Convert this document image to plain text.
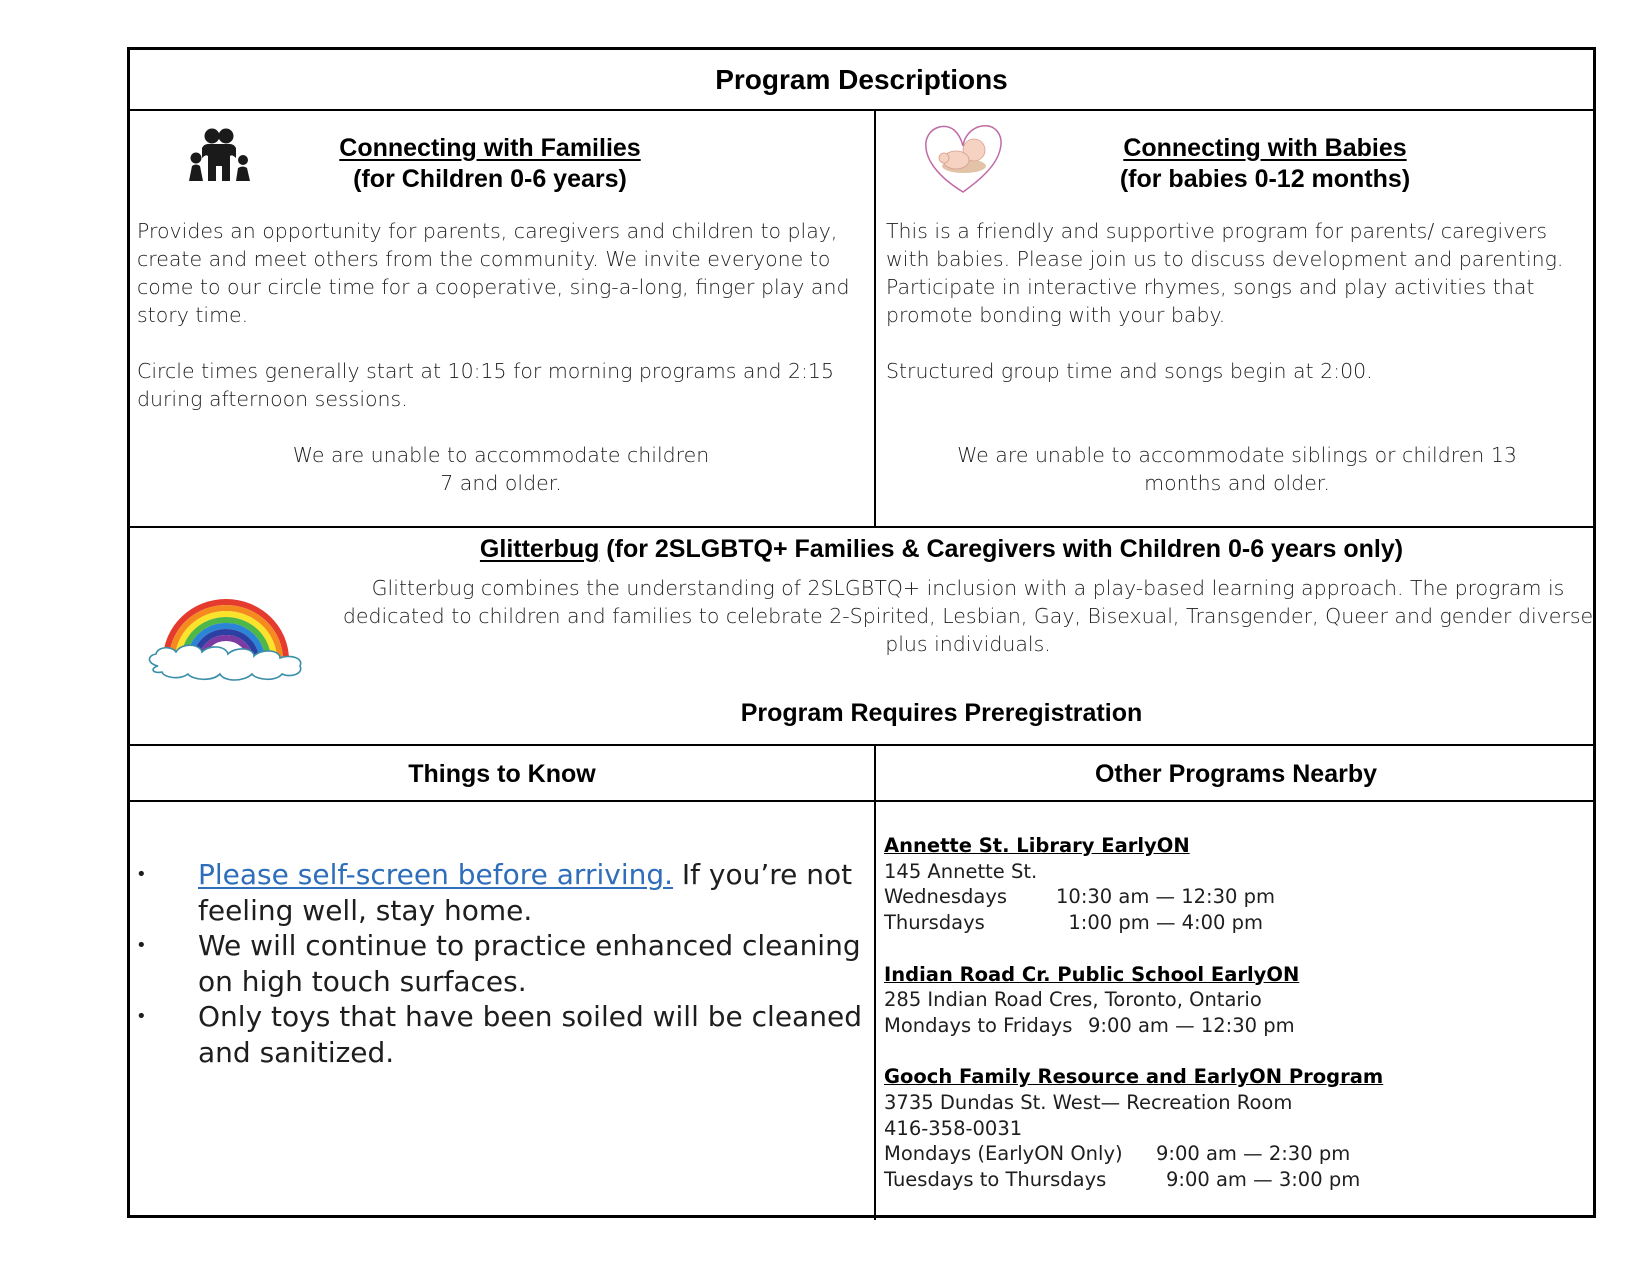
Program Descriptions
Connecting with Families
(for Children 0-6 years)
Provides an opportunity for parents, caregivers and children to play, create and meet others from the community. We invite everyone to come to our circle time for a cooperative, sing-a-long, finger play and story time.
Circle times generally start at 10:15 for morning programs and 2:15 during afternoon sessions.
We are unable to accommodate children
7 and older.
Connecting with Babies
(for babies 0-12 months)
This is a friendly and supportive program for parents/ caregivers with babies. Please join us to discuss development and parenting. Participate in interactive rhymes, songs and play activities that promote bonding with your baby.
Structured group time and songs begin at 2:00.
We are unable to accommodate siblings or children 13
months and older.
Glitterbug (for 2SLGBTQ+ Families & Caregivers with Children 0-6 years only)
Glitterbug combines the understanding of 2SLGBTQ+ inclusion with a play-based learning approach. The program is dedicated to children and families to celebrate 2-Spirited, Lesbian, Gay, Bisexual, Transgender, Queer and gender diverse plus individuals.
Program Requires Preregistration
Things to Know	Other Programs Nearby
• Please self-screen before arriving. If you’re not feeling well, stay home.
• We will continue to practice enhanced cleaning on high touch surfaces.
• Only toys that have been soiled will be cleaned and sanitized.
Annette St. Library EarlyON
145 Annette St.
Wednesdays	10:30 am — 12:30 pm
Thursdays	1:00 pm — 4:00 pm
Indian Road Cr. Public School EarlyON
285 Indian Road Cres, Toronto, Ontario
Mondays to Fridays 9:00 am — 12:30 pm
Gooch Family Resource and EarlyON Program
3735 Dundas St. West— Recreation Room
416-358-0031
Mondays (EarlyON Only)	9:00 am — 2:30 pm
Tuesdays to Thursdays	9:00 am — 3:00 pm
